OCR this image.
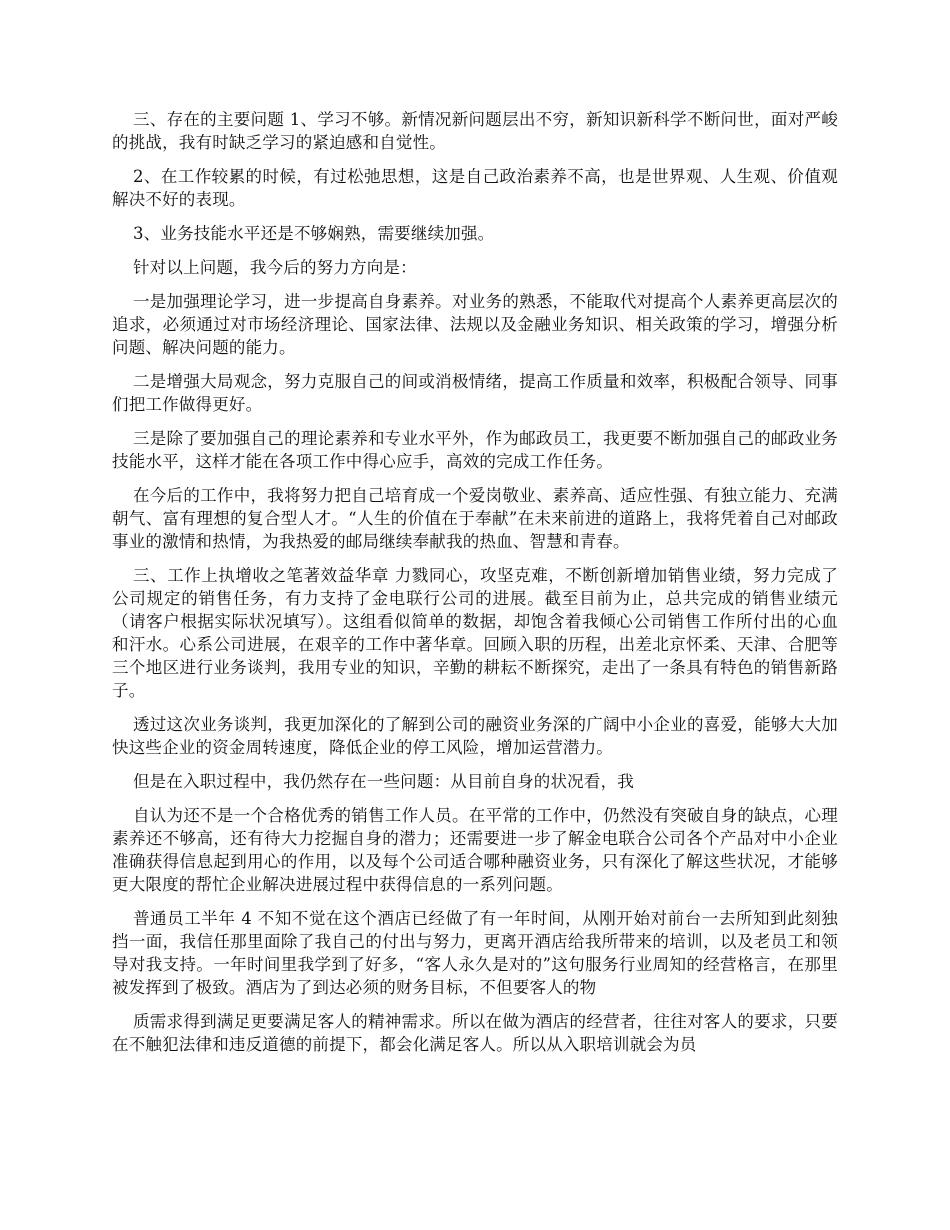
三、存在的主要问题 1、学习不够。新情况新问题层出不穷，新知识新科学不断问世，面对严峻的挑战，我有时缺乏学习的紧迫感和自觉性。

2、在工作较累的时候，有过松弛思想，这是自己政治素养不高，也是世界观、人生观、价值观解决不好的表现。

3、业务技能水平还是不够娴熟，需要继续加强。

针对以上问题，我今后的努力方向是：

一是加强理论学习，进一步提高自身素养。对业务的熟悉，不能取代对提高个人素养更高层次的追求，必须通过对市场经济理论、国家法律、法规以及金融业务知识、相关政策的学习，增强分析问题、解决问题的能力。

二是增强大局观念，努力克服自己的间或消极情绪，提高工作质量和效率，积极配合领导、同事们把工作做得更好。

三是除了要加强自己的理论素养和专业水平外，作为邮政员工，我更要不断加强自己的邮政业务技能水平，这样才能在各项工作中得心应手，高效的完成工作任务。

在今后的工作中，我将努力把自己培育成一个爱岗敬业、素养高、适应性强、有独立能力、充满朝气、富有理想的复合型人才。“人生的价值在于奉献”在未来前进的道路上，我将凭着自己对邮政事业的激情和热情，为我热爱的邮局继续奉献我的热血、智慧和青春。

三、工作上执增收之笔著效益华章 力戮同心，攻坚克难，不断创新增加销售业绩，努力完成了公司规定的销售任务，有力支持了金电联行公司的进展。截至目前为止，总共完成的销售业绩元（请客户根据实际状况填写）。这组看似简单的数据，却饱含着我倾心公司销售工作所付出的心血和汗水。心系公司进展，在艰辛的工作中著华章。回顾入职的历程，出差北京怀柔、天津、合肥等三个地区进行业务谈判，我用专业的知识，辛勤的耕耘不断探究，走出了一条具有特色的销售新路子。

透过这次业务谈判，我更加深化的了解到公司的融资业务深的广阔中小企业的喜爱，能够大大加快这些企业的资金周转速度，降低企业的停工风险，增加运营潜力。

但是在入职过程中，我仍然存在一些问题：从目前自身的状况看，我

自认为还不是一个合格优秀的销售工作人员。在平常的工作中，仍然没有突破自身的缺点，心理素养还不够高，还有待大力挖掘自身的潜力；还需要进一步了解金电联合公司各个产品对中小企业准确获得信息起到用心的作用，以及每个公司适合哪种融资业务，只有深化了解这些状况，才能够更大限度的帮忙企业解决进展过程中获得信息的一系列问题。

普通员工半年 4 不知不觉在这个酒店已经做了有一年时间，从刚开始对前台一去所知到此刻独挡一面，我信任那里面除了我自己的付出与努力，更离开酒店给我所带来的培训，以及老员工和领导对我支持。一年时间里我学到了好多，“客人永久是对的”这句服务行业周知的经营格言，在那里被发挥到了极致。酒店为了到达必须的财务目标，不但要客人的物

质需求得到满足更要满足客人的精神需求。所以在做为酒店的经营者，往往对客人的要求，只要在不触犯法律和违反道德的前提下，都会化满足客人。所以从入职培训就会为员
